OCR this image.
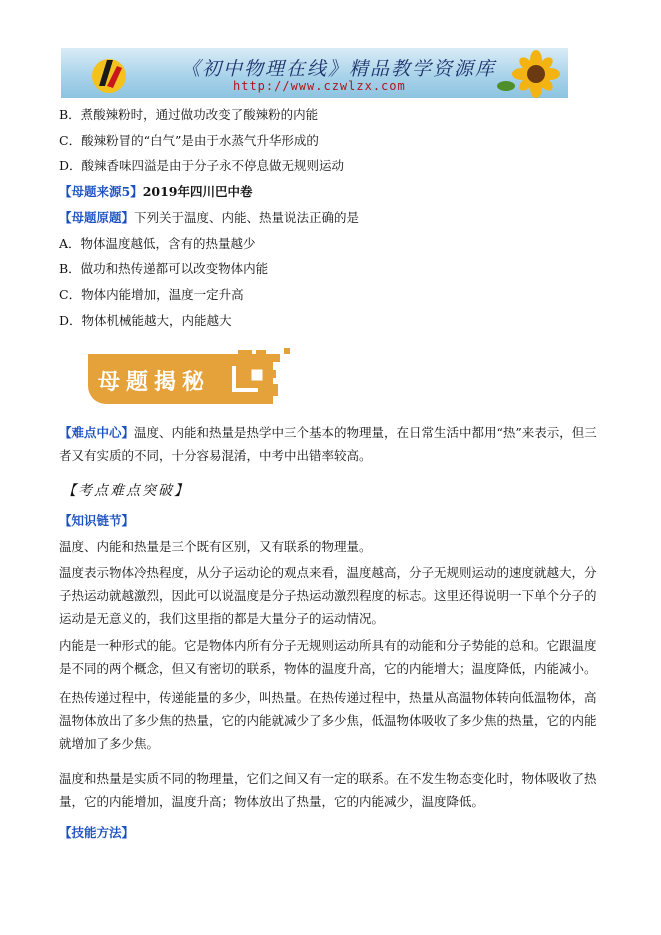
《初中物理在线》精品教学资源库
http://www.czwlzx.com
B．煮酸辣粉时，通过做功改变了酸辣粉的内能
C．酸辣粉冒的“白气”是由于水蒸气升华形成的
D．酸辣香味四溢是由于分子永不停息做无规则运动
【母题来源5】2019年四川巴中卷
【母题原题】下列关于温度、内能、热量说法正确的是
A．物体温度越低，含有的热量越少
B．做功和热传递都可以改变物体内能
C．物体内能增加，温度一定升高
D．物体机械能越大，内能越大
母题揭秘
【难点中心】温度、内能和热量是热学中三个基本的物理量，在日常生活中都用“热”来表示，但三者又有实质的不同，十分容易混淆，中考中出错率较高。
【考点难点突破】
【知识链节】
温度、内能和热量是三个既有区别，又有联系的物理量。
温度表示物体冷热程度，从分子运动论的观点来看，温度越高，分子无规则运动的速度就越大，分子热运动就越激烈，因此可以说温度是分子热运动激烈程度的标志。这里还得说明一下单个分子的运动是无意义的，我们这里指的都是大量分子的运动情况。
内能是一种形式的能。它是物体内所有分子无规则运动所具有的动能和分子势能的总和。它跟温度是不同的两个概念，但又有密切的联系，物体的温度升高，它的内能增大；温度降低，内能减小。
在热传递过程中，传递能量的多少，叫热量。在热传递过程中，热量从高温物体转向低温物体，高温物体放出了多少焦的热量，它的内能就减少了多少焦，低温物体吸收了多少焦的热量，它的内能就增加了多少焦。
温度和热量是实质不同的物理量，它们之间又有一定的联系。在不发生物态变化时，物体吸收了热量，它的内能增加，温度升高；物体放出了热量，它的内能减少，温度降低。
【技能方法】
